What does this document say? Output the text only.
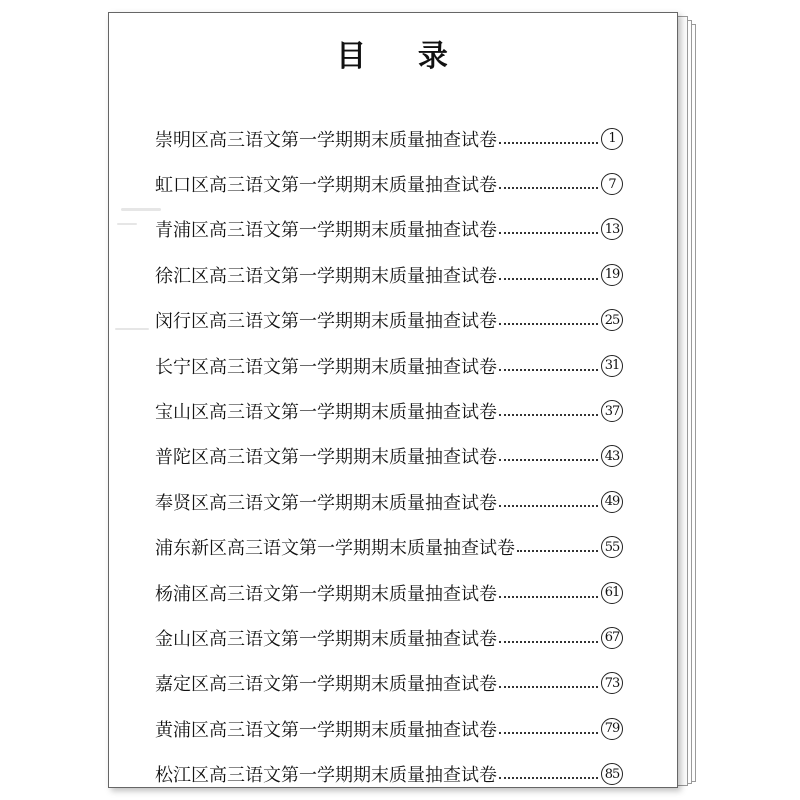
目    录
崇明区高三语文第一学期期末质量抽查试卷	1
虹口区高三语文第一学期期末质量抽查试卷	7
青浦区高三语文第一学期期末质量抽查试卷	13
徐汇区高三语文第一学期期末质量抽查试卷	19
闵行区高三语文第一学期期末质量抽查试卷	25
长宁区高三语文第一学期期末质量抽查试卷	31
宝山区高三语文第一学期期末质量抽查试卷	37
普陀区高三语文第一学期期末质量抽查试卷	43
奉贤区高三语文第一学期期末质量抽查试卷	49
浦东新区高三语文第一学期期末质量抽查试卷	55
杨浦区高三语文第一学期期末质量抽查试卷	61
金山区高三语文第一学期期末质量抽查试卷	67
嘉定区高三语文第一学期期末质量抽查试卷	73
黄浦区高三语文第一学期期末质量抽查试卷	79
松江区高三语文第一学期期末质量抽查试卷	85
